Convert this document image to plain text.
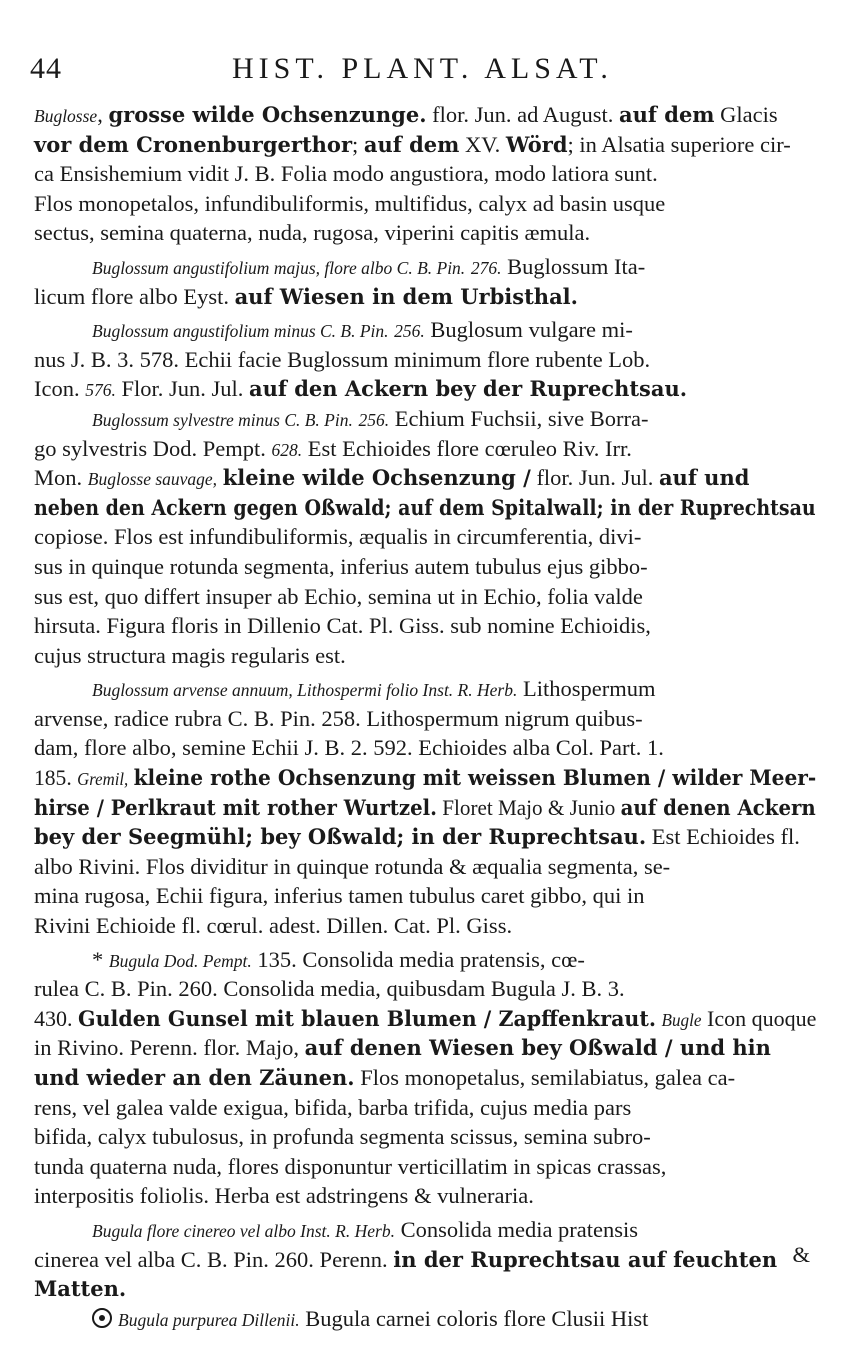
44	HIST. PLANT. ALSAT.
Buglosse, grosse wilde Ochsenzunge. flor. Jun. ad August. auf dem Glacis
vor dem Cronenburgerthor; auf dem XV. Wörd; in Alsatia superiore cir-
ca Ensishemium vidit J. B. Folia modo angustiora, modo latiora sunt.
Flos monopetalos, infundibuliformis, multifidus, calyx ad basin usque
sectus, semina quaterna, nuda, rugosa, viperini capitis æmula.
Buglossum angustifolium majus, flore albo C. B. Pin. 276. Buglossum Ita-
licum flore albo Eyst. auf Wiesen in dem Urbisthal.
Buglossum angustifolium minus C. B. Pin. 256. Buglosum vulgare mi-
nus J. B. 3. 578. Echii facie Buglossum minimum flore rubente Lob.
Icon. 576. Flor. Jun. Jul. auf den Ackern bey der Ruprechtsau.
Buglossum sylvestre minus C. B. Pin. 256. Echium Fuchsii, sive Borra-
go sylvestris Dod. Pempt. 628. Est Echioides flore cœruleo Riv. Irr.
Mon. Buglosse sauvage, kleine wilde Ochsenzung / flor. Jun. Jul. auf und
neben den Ackern gegen Oßwald; auf dem Spitalwall; in der Ruprechtsau
copiose. Flos est infundibuliformis, æqualis in circumferentia, divi-
sus in quinque rotunda segmenta, inferius autem tubulus ejus gibbo-
sus est, quo differt insuper ab Echio, semina ut in Echio, folia valde
hirsuta. Figura floris in Dillenio Cat. Pl. Giss. sub nomine Echioidis,
cujus structura magis regularis est.
Buglossum arvense annuum, Lithospermi folio Inst. R. Herb. Lithospermum
arvense, radice rubra C. B. Pin. 258. Lithospermum nigrum quibus-
dam, flore albo, semine Echii J. B. 2. 592. Echioides alba Col. Part. 1.
185. Gremil, kleine rothe Ochsenzung mit weissen Blumen / wilder Meer-
hirse / Perlkraut mit rother Wurtzel. Floret Majo & Junio auf denen Ackern
bey der Seegmühl; bey Oßwald; in der Ruprechtsau. Est Echioides fl.
albo Rivini. Flos dividitur in quinque rotunda & æqualia segmenta, se-
mina rugosa, Echii figura, inferius tamen tubulus caret gibbo, qui in
Rivini Echioide fl. cœrul. adest. Dillen. Cat. Pl. Giss.
* Bugula Dod. Pempt. 135. Consolida media pratensis, cœ-
rulea C. B. Pin. 260. Consolida media, quibusdam Bugula J. B. 3.
430. Gulden Gunsel mit blauen Blumen / Zapffenkraut. Bugle Icon quoque
in Rivino. Perenn. flor. Majo, auf denen Wiesen bey Oßwald / und hin
und wieder an den Zäunen. Flos monopetalus, semilabiatus, galea ca-
rens, vel galea valde exigua, bifida, barba trifida, cujus media pars
bifida, calyx tubulosus, in profunda segmenta scissus, semina subro-
tunda quaterna nuda, flores disponuntur verticillatim in spicas crassas,
interpositis foliolis. Herba est adstringens & vulneraria.
Bugula flore cinereo vel albo Inst. R. Herb. Consolida media pratensis
cinerea vel alba C. B. Pin. 260. Perenn. in der Ruprechtsau auf feuchten
Matten.
Bugula purpurea Dillenii. Bugula carnei coloris flore Clusii Hist
&
